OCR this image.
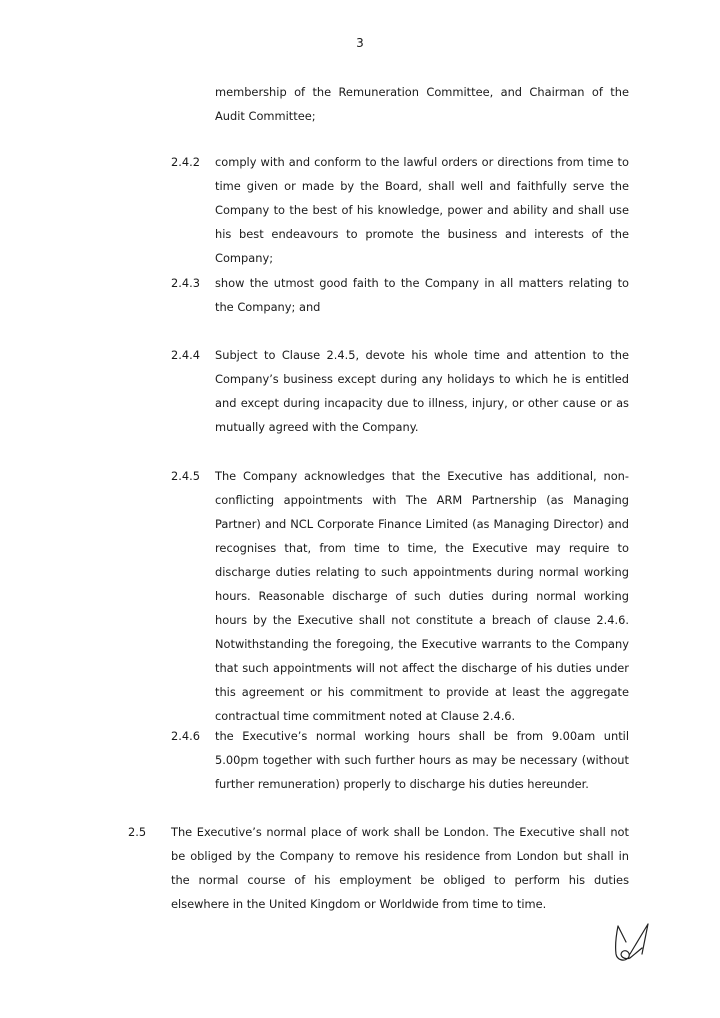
3
membership of the Remuneration Committee, and Chairman of the Audit Committee;
2.4.2 comply with and conform to the lawful orders or directions from time to time given or made by the Board, shall well and faithfully serve the Company to the best of his knowledge, power and ability and shall use his best endeavours to promote the business and interests of the Company;
2.4.3 show the utmost good faith to the Company in all matters relating to the Company; and
2.4.4 Subject to Clause 2.4.5, devote his whole time and attention to the Company’s business except during any holidays to which he is entitled and except during incapacity due to illness, injury, or other cause or as mutually agreed with the Company.
2.4.5 The Company acknowledges that the Executive has additional, non-conflicting appointments with The ARM Partnership (as Managing Partner) and NCL Corporate Finance Limited (as Managing Director) and recognises that, from time to time, the Executive may require to discharge duties relating to such appointments during normal working hours. Reasonable discharge of such duties during normal working hours by the Executive shall not constitute a breach of clause 2.4.6. Notwithstanding the foregoing, the Executive warrants to the Company that such appointments will not affect the discharge of his duties under this agreement or his commitment to provide at least the aggregate contractual time commitment noted at Clause 2.4.6.
2.4.6 the Executive’s normal working hours shall be from 9.00am until 5.00pm together with such further hours as may be necessary (without further remuneration) properly to discharge his duties hereunder.
2.5 The Executive’s normal place of work shall be London. The Executive shall not be obliged by the Company to remove his residence from London but shall in the normal course of his employment be obliged to perform his duties elsewhere in the United Kingdom or Worldwide from time to time.
